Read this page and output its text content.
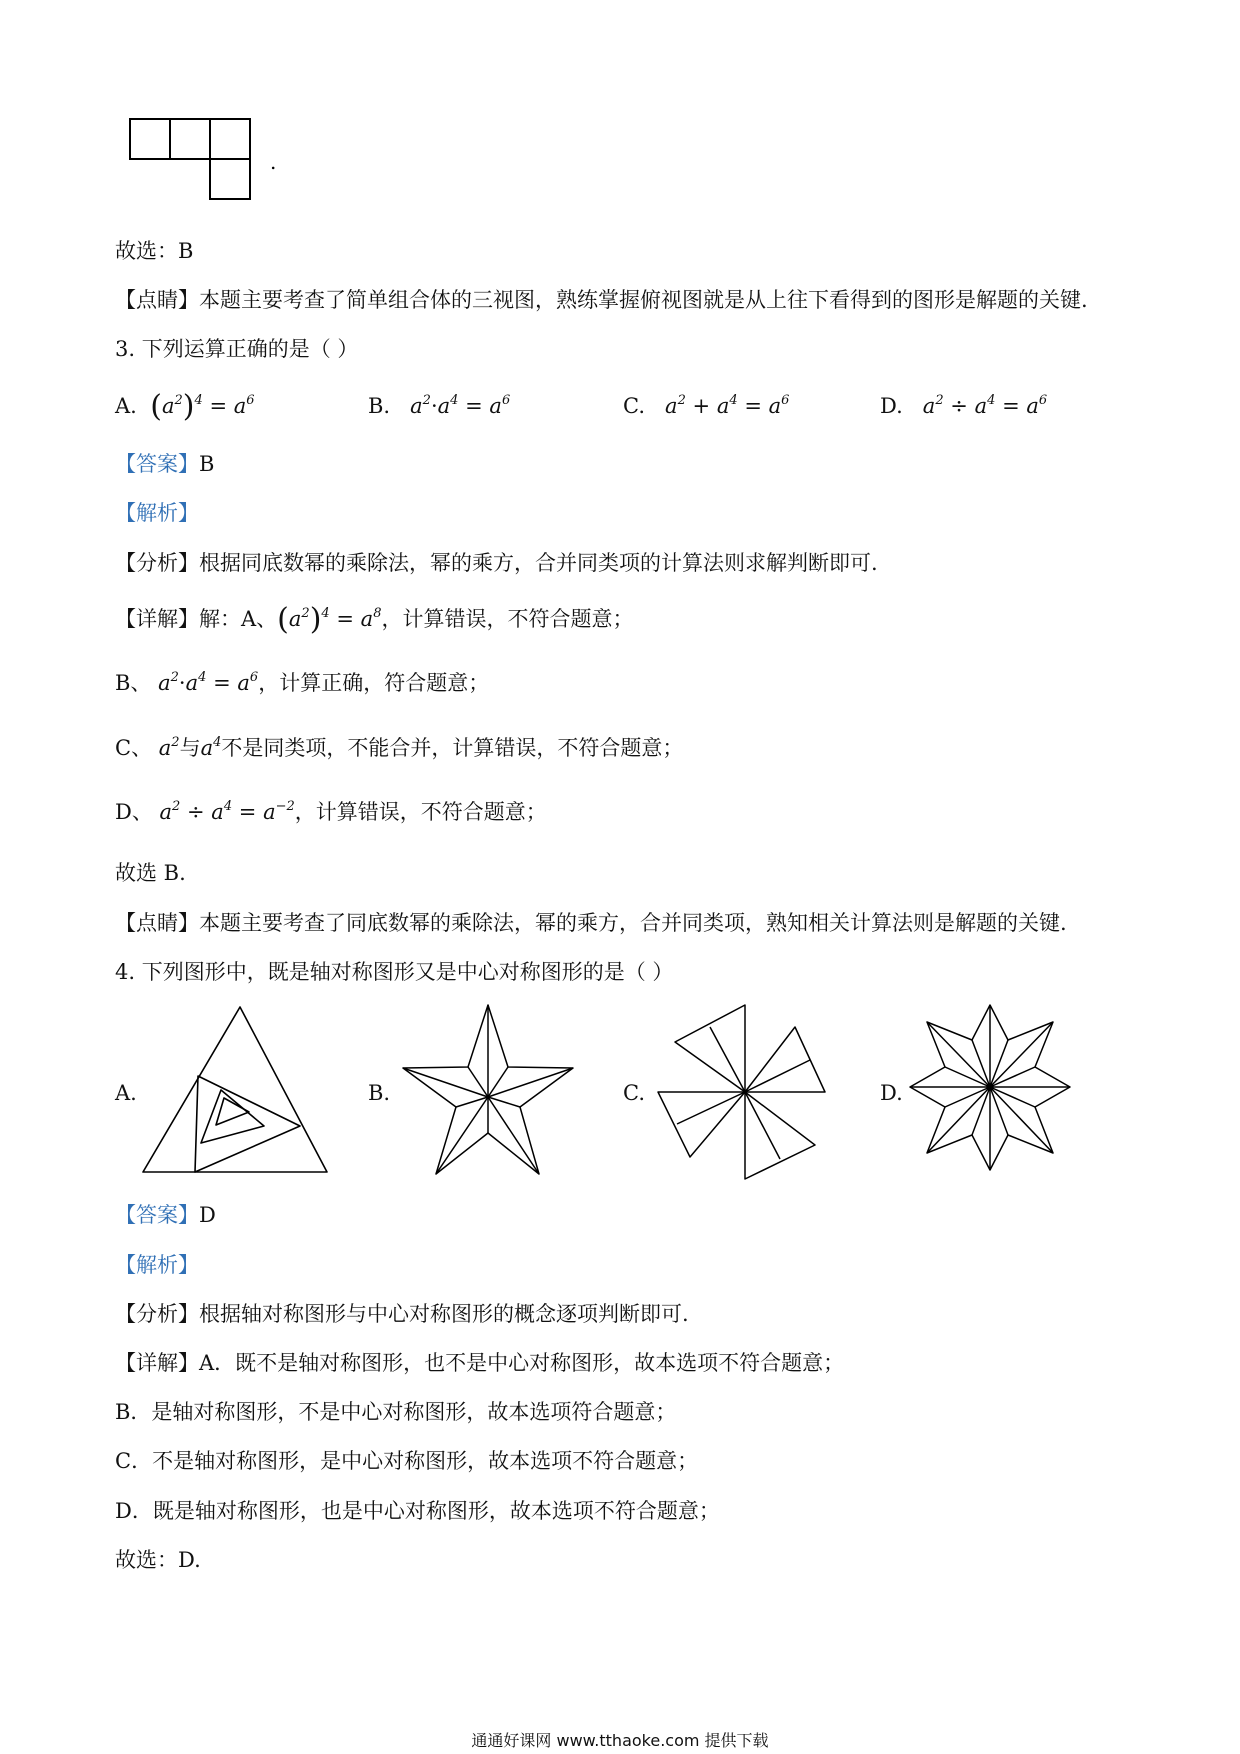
.
故选：B
【点睛】本题主要考查了简单组合体的三视图，熟练掌握俯视图就是从上往下看得到的图形是解题的关键.
3. 下列运算正确的是（ ）
A. $(a^2)^4 = a^6$	B.   $a^2\cdot a^4 = a^6$	C.   $a^2 + a^4 = a^6$	D.   $a^2 \div a^4 = a^6$
【答案】B
【解析】
【分析】根据同底数幂的乘除法，幂的乘方，合并同类项的计算法则求解判断即可.
【详解】解：A、$(a^2)^4 = a^8$，计算错误，不符合题意；
B、 $a^2\cdot a^4 = a^6$，计算正确，符合题意；
C、 $a^2$与$a^4$不是同类项，不能合并，计算错误，不符合题意；
D、 $a^2 \div a^4 = a^{-2}$，计算错误，不符合题意；
故选 B.
【点睛】本题主要考查了同底数幂的乘除法，幂的乘方，合并同类项，熟知相关计算法则是解题的关键.
4. 下列图形中，既是轴对称图形又是中心对称图形的是（ ）
A.	B.	C.	D.
【答案】D
【解析】
【分析】根据轴对称图形与中心对称图形的概念逐项判断即可.
【详解】A．既不是轴对称图形，也不是中心对称图形，故本选项不符合题意；
B．是轴对称图形，不是中心对称图形，故本选项符合题意；
C．不是轴对称图形，是中心对称图形，故本选项不符合题意；
D．既是轴对称图形，也是中心对称图形，故本选项不符合题意；
故选：D.
通通好课网 www.tthaoke.com 提供下载
